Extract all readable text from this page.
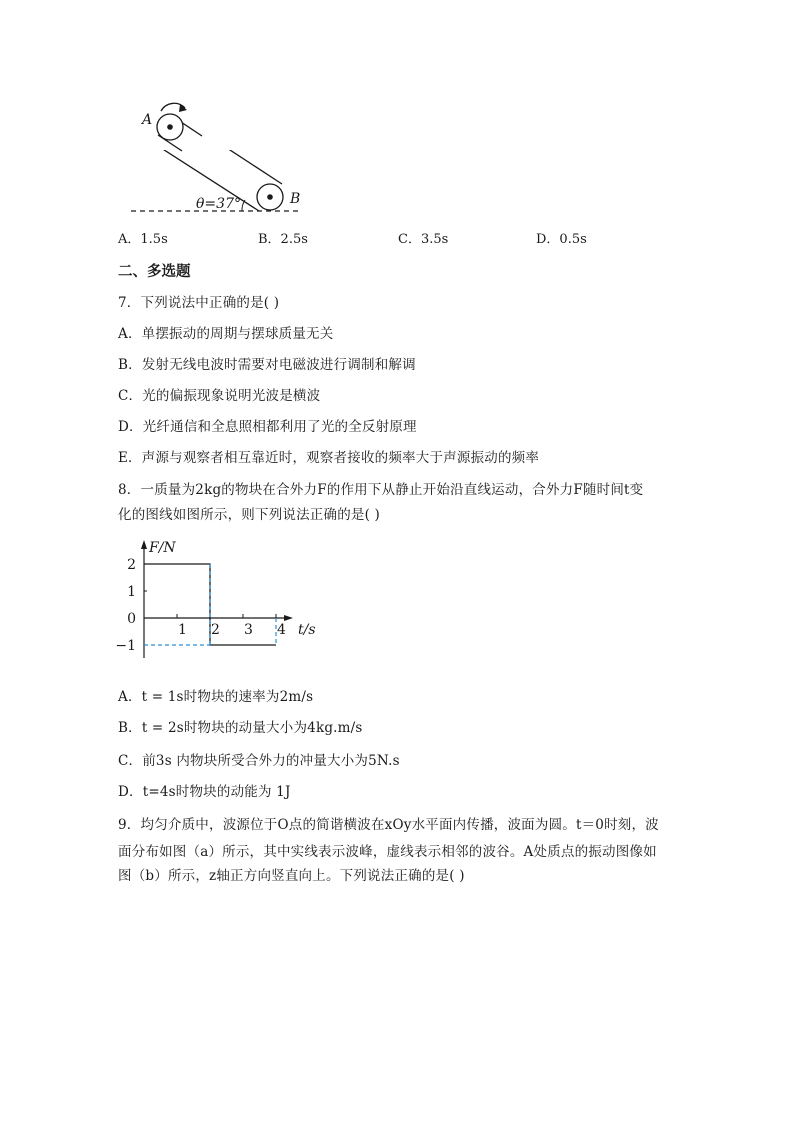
θ=37°	B
A
A．1.5s	B．2.5s	C．3.5s	D．0.5s
二、多选题
7．下列说法中正确的是( )
A．单摆振动的周期与摆球质量无关
B．发射无线电波时需要对电磁波进行调制和解调
C．光的偏振现象说明光波是横波
D．光纤通信和全息照相都利用了光的全反射原理
E．声源与观察者相互靠近时，观察者接收的频率大于声源振动的频率
8．一质量为2kg的物块在合外力F的作用下从静止开始沿直线运动，合外力F随时间t变
化的图线如图所示，则下列说法正确的是( )
F/N
t/s
2
1
0
−1
1 2 3 4
A．t = 1s时物块的速率为2m/s
B．t = 2s时物块的动量大小为4kg.m/s
C．前3s 内物块所受合外力的冲量大小为5N.s
D．t=4s时物块的动能为 1J
9．均匀介质中，波源位于O点的简谐横波在xOy水平面内传播，波面为圆。t＝0时刻，波
面分布如图（a）所示，其中实线表示波峰，虚线表示相邻的波谷。A处质点的振动图像如
图（b）所示，z轴正方向竖直向上。下列说法正确的是( )
